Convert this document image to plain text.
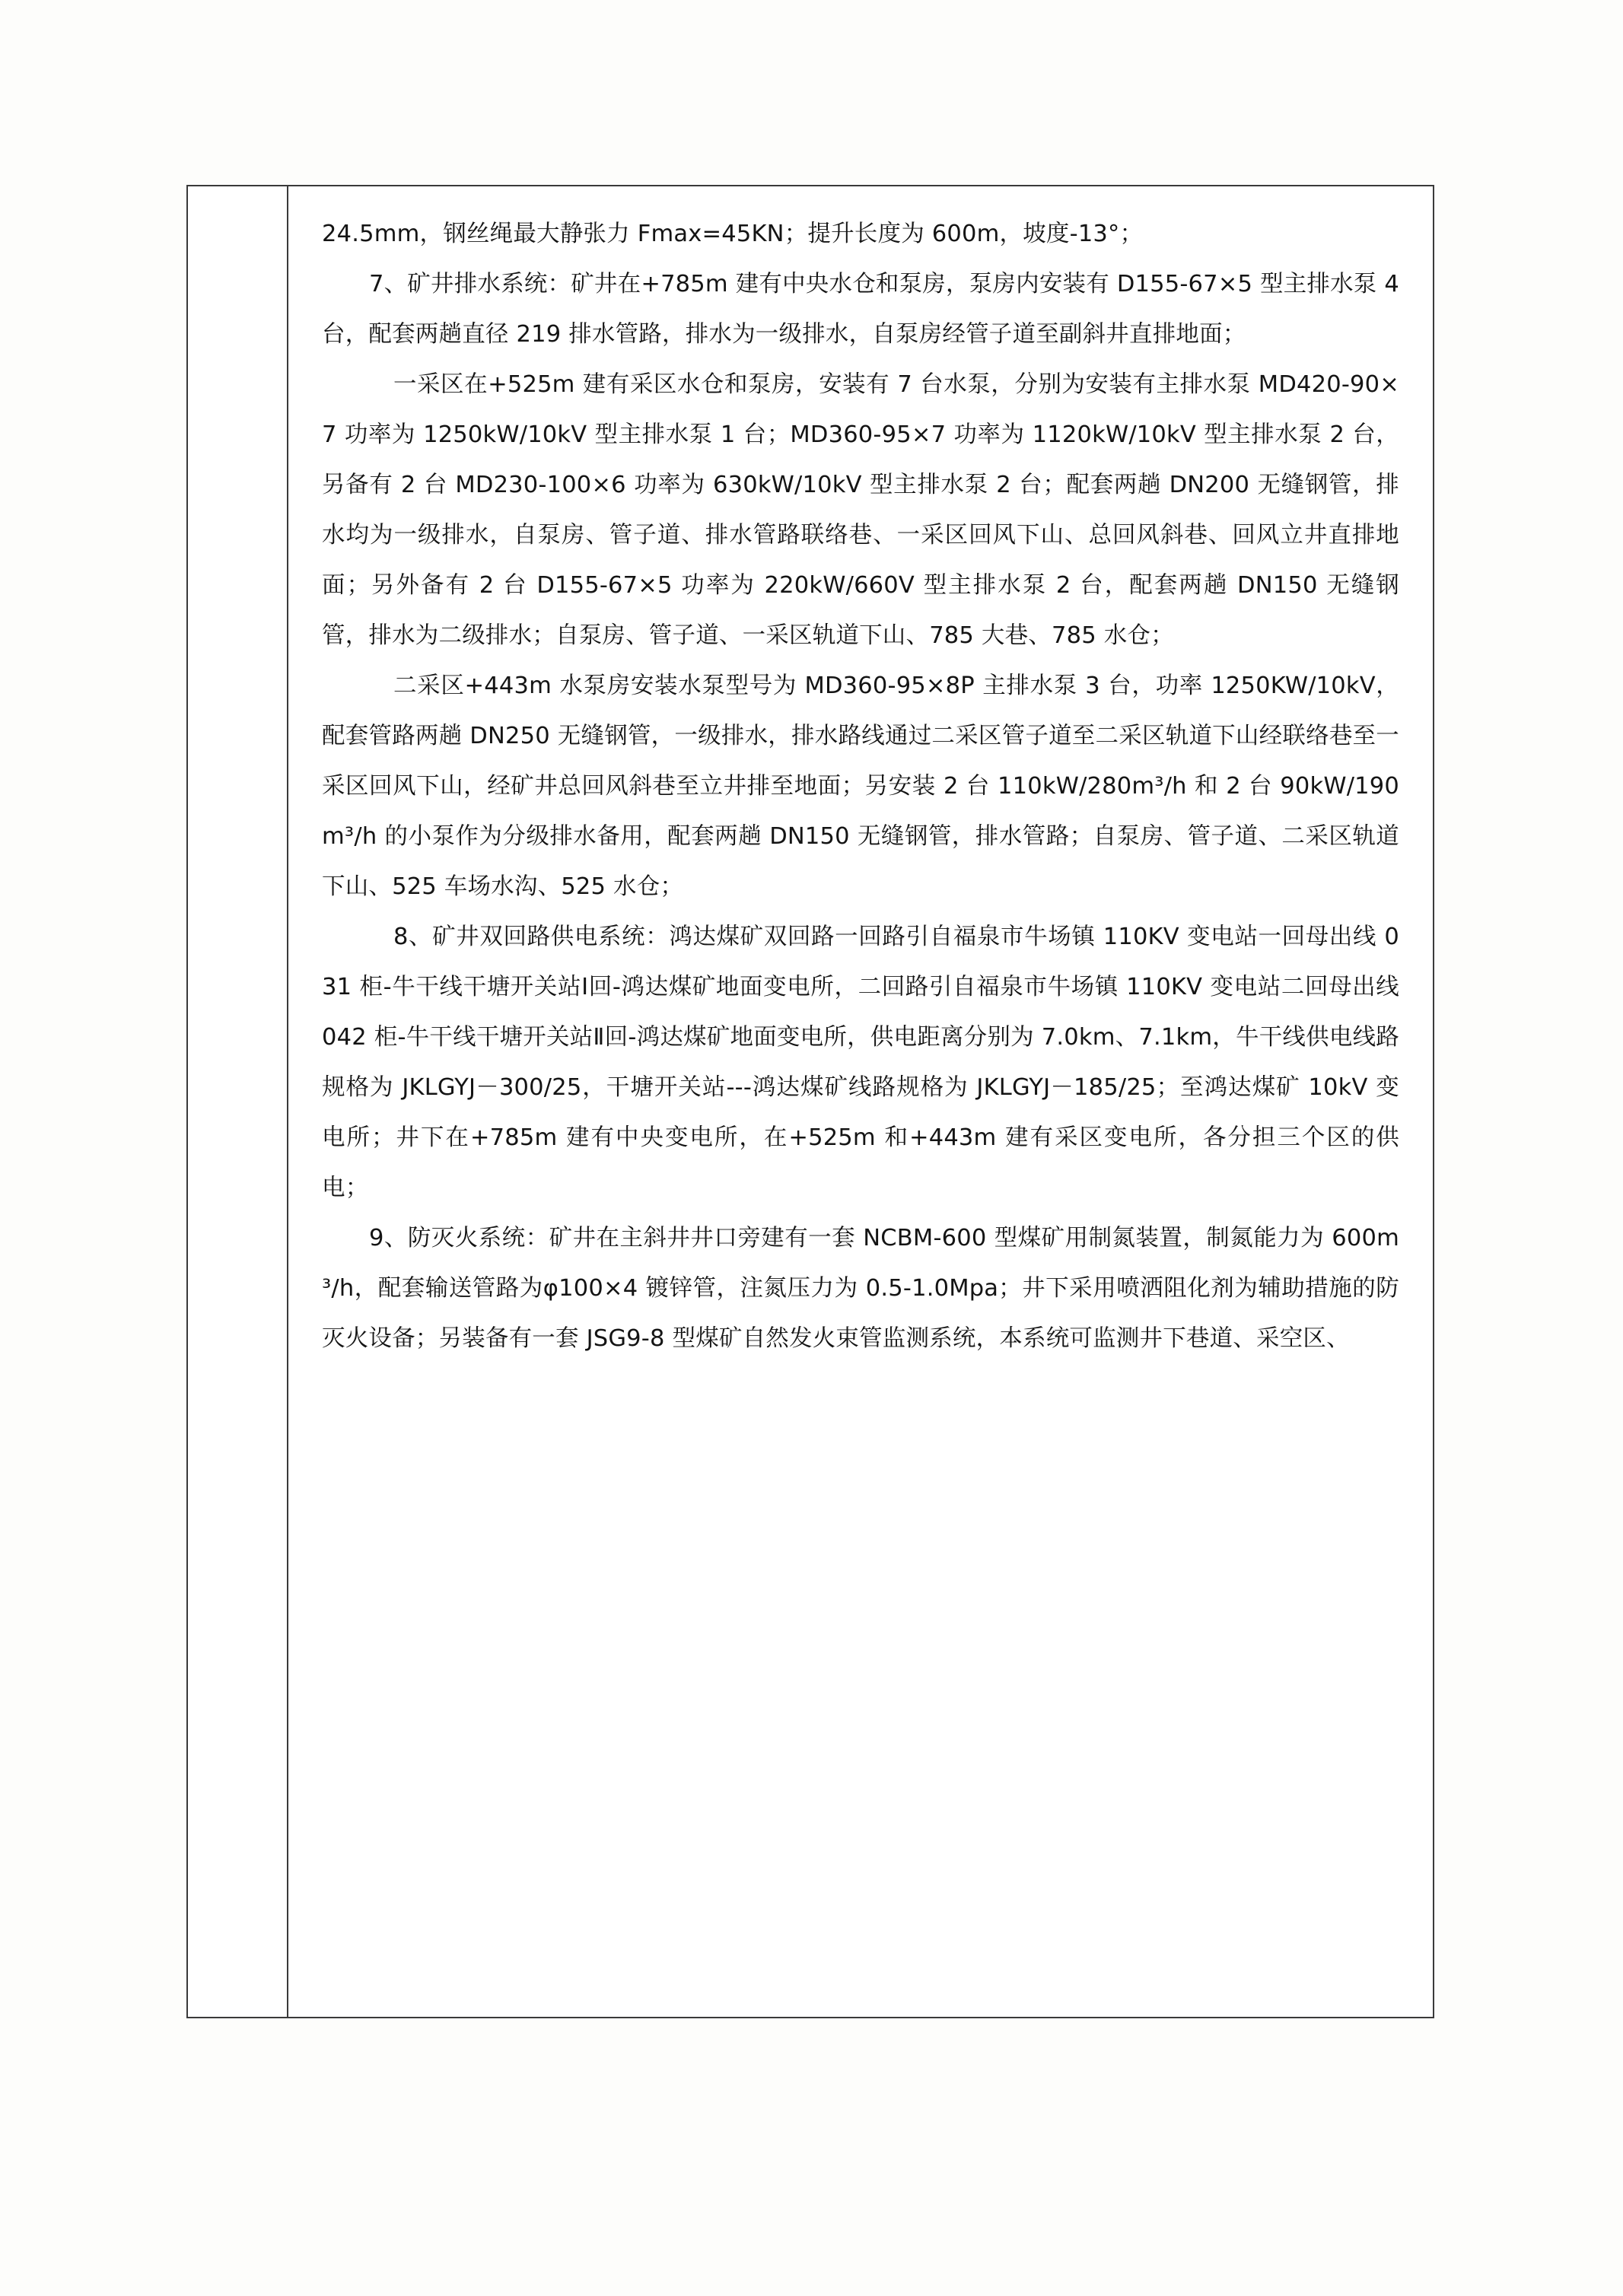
24.5mm，钢丝绳最大静张力 Fmax=45KN；提升长度为 600m，坡度-13°；

7、矿井排水系统：矿井在+785m 建有中央水仓和泵房，泵房内安装有 D155-67×5 型主排水泵 4 台，配套两趟直径 219 排水管路，排水为一级排水，自泵房经管子道至副斜井直排地面；

一采区在+525m 建有采区水仓和泵房，安装有 7 台水泵，分别为安装有主排水泵 MD420-90×7 功率为 1250kW/10kV 型主排水泵 1 台；MD360-95×7 功率为 1120kW/10kV 型主排水泵 2 台，另备有 2 台 MD230-100×6 功率为 630kW/10kV 型主排水泵 2 台；配套两趟 DN200 无缝钢管，排水均为一级排水，自泵房、管子道、排水管路联络巷、一采区回风下山、总回风斜巷、回风立井直排地面；另外备有 2 台 D155-67×5 功率为 220kW/660V 型主排水泵 2 台，配套两趟 DN150 无缝钢管，排水为二级排水；自泵房、管子道、一采区轨道下山、785 大巷、785 水仓；

二采区+443m 水泵房安装水泵型号为 MD360-95×8P 主排水泵 3 台，功率 1250KW/10kV，配套管路两趟 DN250 无缝钢管，一级排水，排水路线通过二采区管子道至二采区轨道下山经联络巷至一采区回风下山，经矿井总回风斜巷至立井排至地面；另安装 2 台 110kW/280m³/h 和 2 台 90kW/190m³/h 的小泵作为分级排水备用，配套两趟 DN150 无缝钢管，排水管路；自泵房、管子道、二采区轨道下山、525 车场水沟、525 水仓；

8、矿井双回路供电系统：鸿达煤矿双回路一回路引自福泉市牛场镇 110KV 变电站一回母出线 031 柜-牛干线干塘开关站Ⅰ回-鸿达煤矿地面变电所，二回路引自福泉市牛场镇 110KV 变电站二回母出线 042 柜-牛干线干塘开关站Ⅱ回-鸿达煤矿地面变电所，供电距离分别为 7.0km、7.1km，牛干线供电线路规格为 JKLGYJ－300/25，干塘开关站---鸿达煤矿线路规格为 JKLGYJ－185/25；至鸿达煤矿 10kV 变电所；井下在+785m 建有中央变电所，在+525m 和+443m 建有采区变电所，各分担三个区的供电；

9、防灭火系统：矿井在主斜井井口旁建有一套 NCBM-600 型煤矿用制氮装置，制氮能力为 600m³/h，配套输送管路为φ100×4 镀锌管，注氮压力为 0.5-1.0Mpa；井下采用喷洒阻化剂为辅助措施的防灭火设备；另装备有一套 JSG9-8 型煤矿自然发火束管监测系统，本系统可监测井下巷道、采空区、
